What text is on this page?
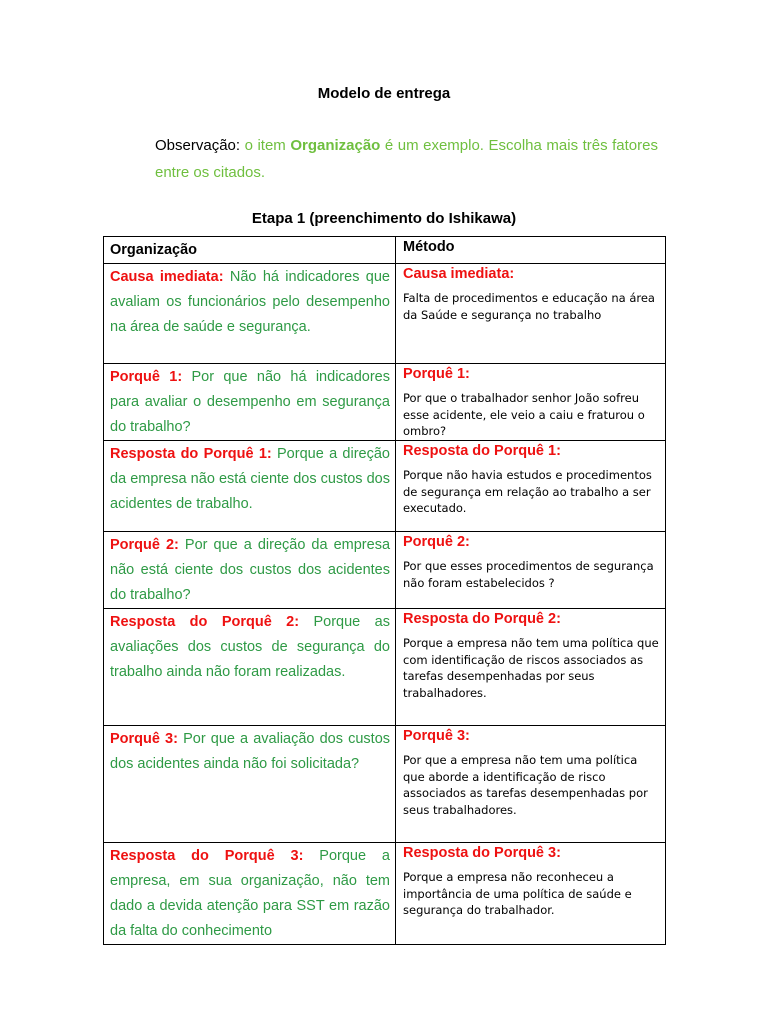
Modelo de entrega
Observação: o item Organização é um exemplo. Escolha mais três fatores entre os citados.
Etapa 1 (preenchimento do Ishikawa)
Organização	Método
Causa imediata: Não há indicadores que avaliam os funcionários pelo desempenho na área de saúde e segurança.	Causa imediata:
Falta de procedimentos e educação na área da Saúde e segurança no trabalho

Porquê 1: Por que não há indicadores para avaliar o desempenho em segurança do trabalho?	Porquê 1:
Por que o trabalhador senhor João sofreu esse acidente, ele veio a caiu e fraturou o ombro?

Resposta do Porquê 1: Porque a direção da empresa não está ciente dos custos dos acidentes de trabalho.	Resposta do Porquê 1:
Porque não havia estudos e procedimentos de segurança em relação ao trabalho a ser executado.

Porquê 2: Por que a direção da empresa não está ciente dos custos dos acidentes do trabalho?	Porquê 2:
Por que esses procedimentos de segurança não foram estabelecidos ?

Resposta do Porquê 2: Porque as avaliações dos custos de segurança do trabalho ainda não foram realizadas.	Resposta do Porquê 2:
Porque a empresa não tem uma política que com identificação de riscos associados as tarefas desempenhadas por seus trabalhadores.

Porquê 3: Por que a avaliação dos custos dos acidentes ainda não foi solicitada?	Porquê 3:
Por que a empresa não tem uma política que aborde a identificação de risco associados as tarefas desempenhadas por seus trabalhadores.

Resposta do Porquê 3: Porque a empresa, em sua organização, não tem dado a devida atenção para SST em razão da falta do conhecimento	Resposta do Porquê 3:
Porque a empresa não reconheceu a importância de uma política de saúde e segurança do trabalhador.
